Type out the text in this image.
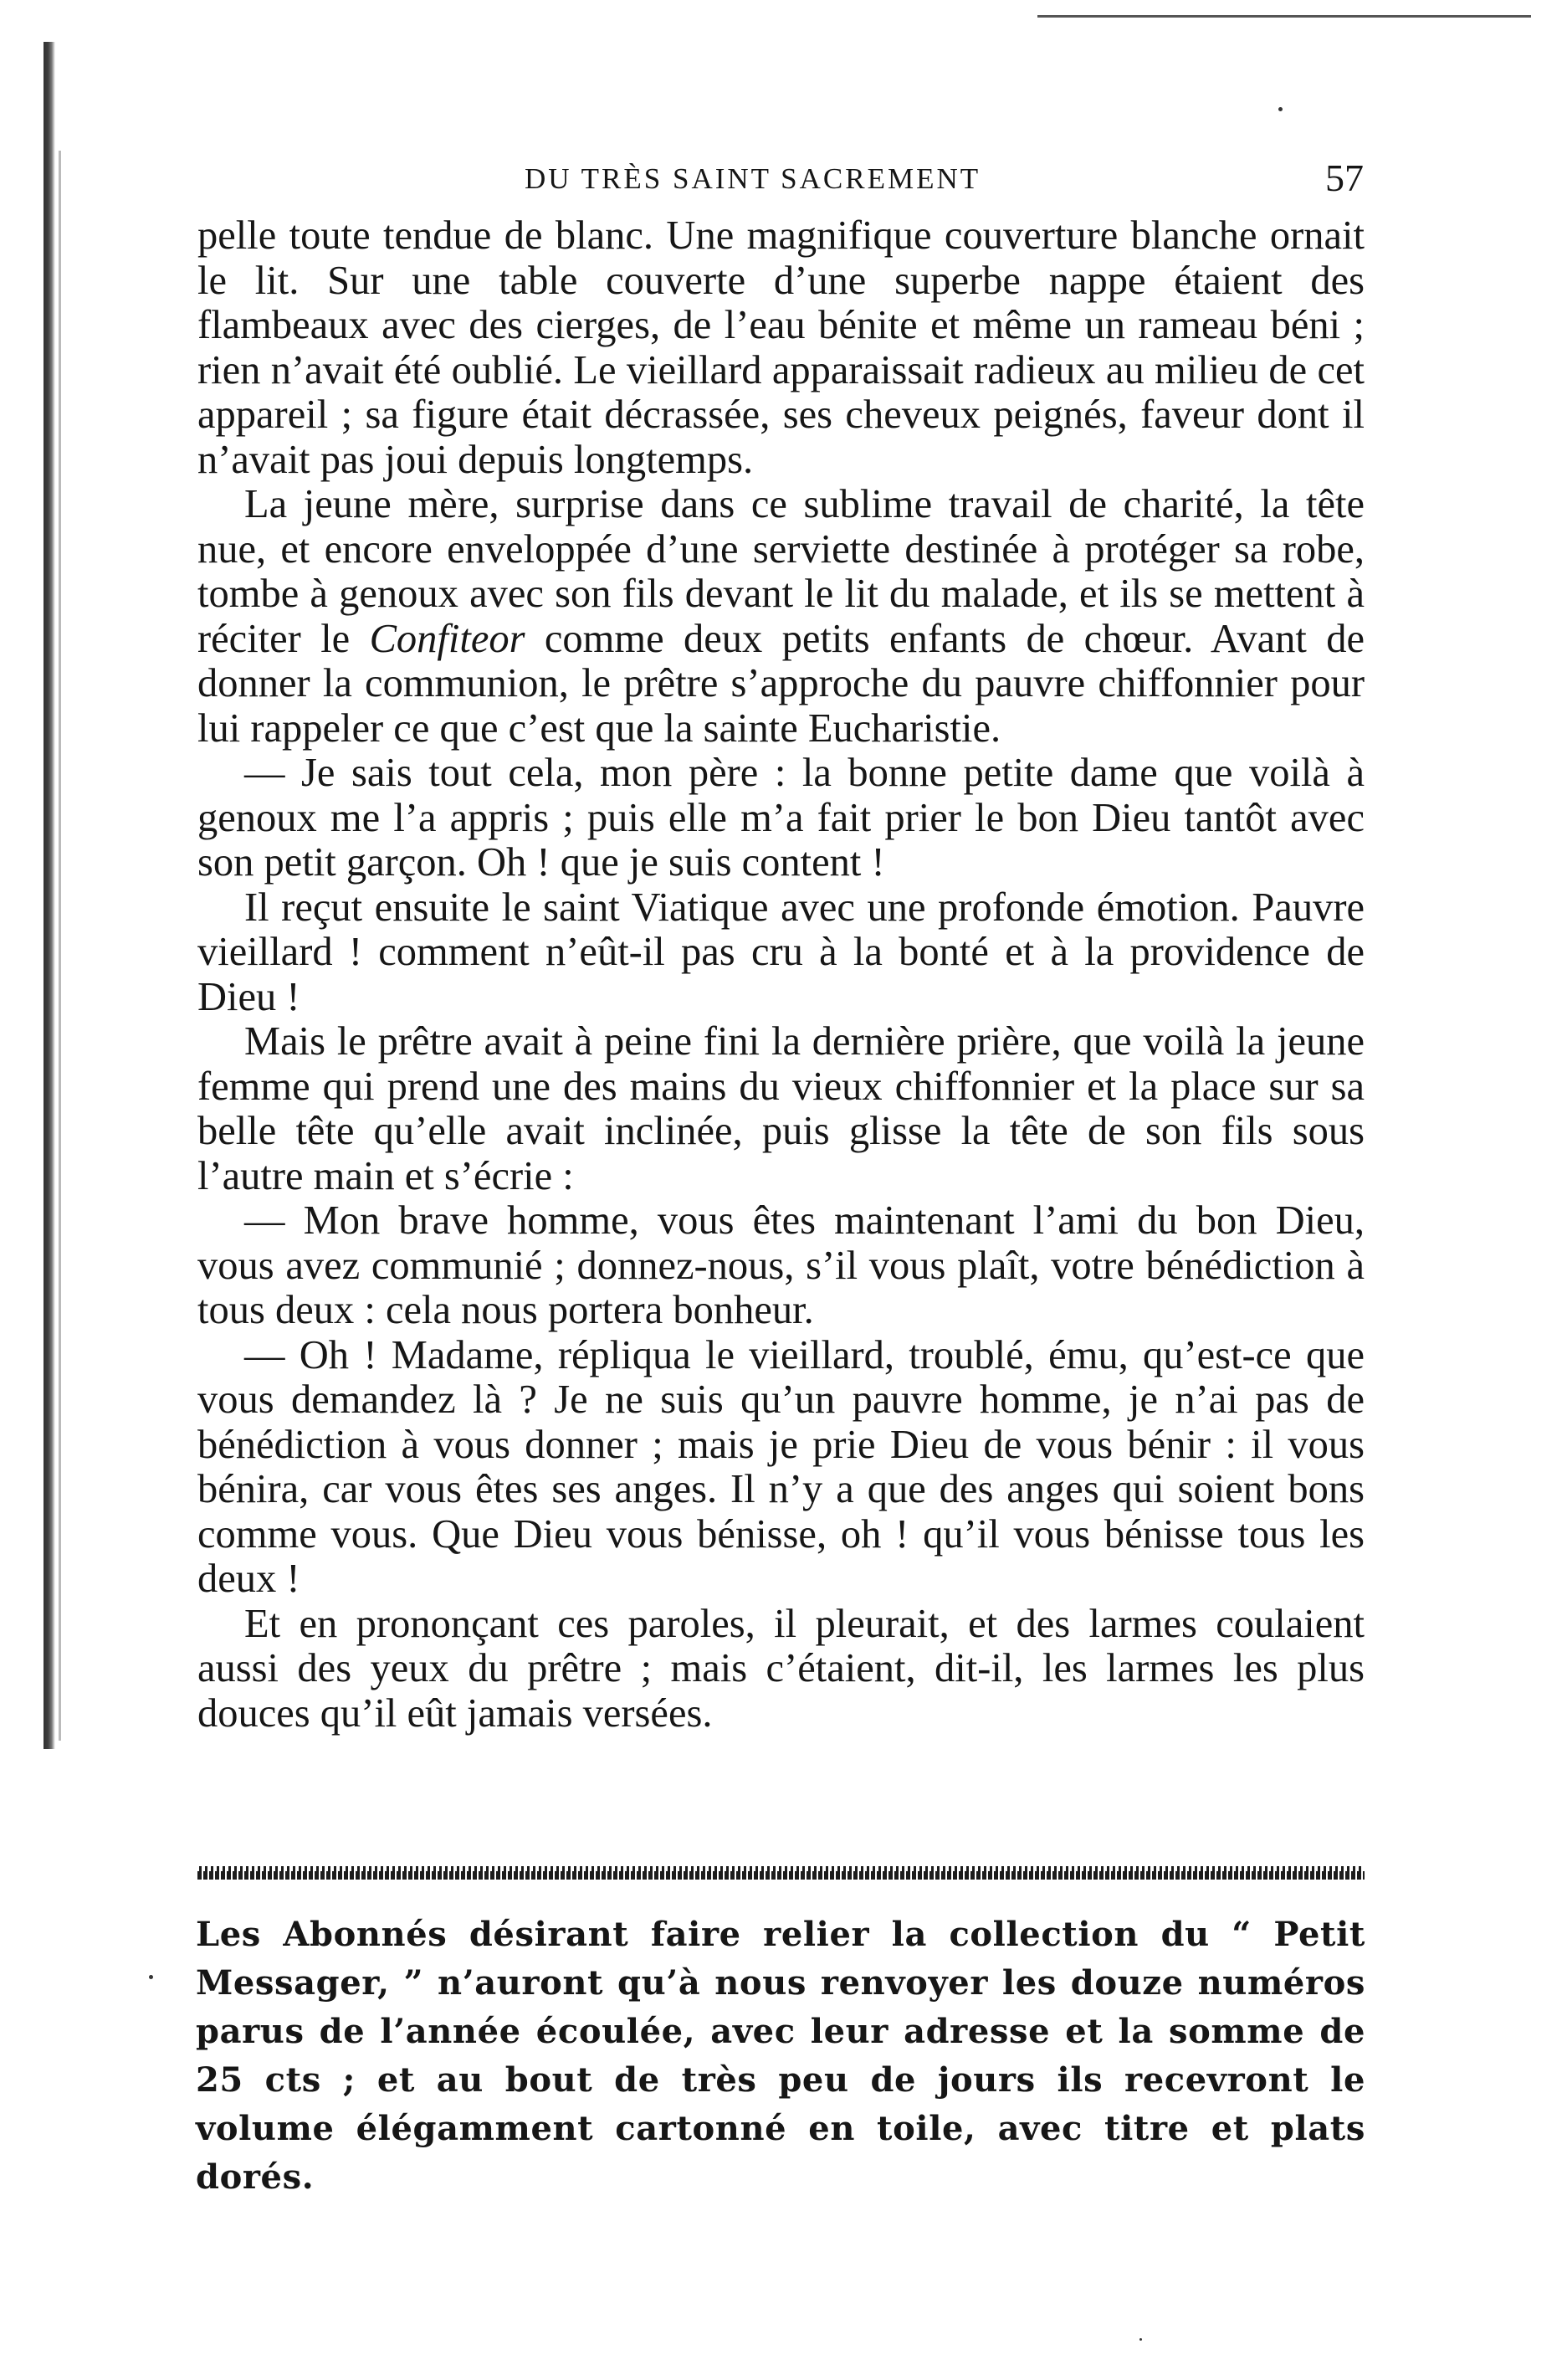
DU TRÈS SAINT SACREMENT	57

pelle toute tendue de blanc. Une magnifique couverture blanche ornait le lit. Sur une table couverte d’une superbe nappe étaient des flambeaux avec des cierges, de l’eau bénite et même un rameau béni ; rien n’avait été oublié. Le vieillard apparaissait radieux au milieu de cet appareil ; sa figure était décrassée, ses cheveux peignés, faveur dont il n’avait pas joui depuis longtemps.

La jeune mère, surprise dans ce sublime travail de charité, la tête nue, et encore enveloppée d’une serviette destinée à protéger sa robe, tombe à genoux avec son fils devant le lit du malade, et ils se mettent à réciter le Confiteor comme deux petits enfants de chœur. Avant de donner la communion, le prêtre s’approche du pauvre chiffonnier pour lui rappeler ce que c’est que la sainte Eucharistie.

— Je sais tout cela, mon père : la bonne petite dame que voilà à genoux me l’a appris ; puis elle m’a fait prier le bon Dieu tantôt avec son petit garçon. Oh ! que je suis content !

Il reçut ensuite le saint Viatique avec une profonde émotion. Pauvre vieillard ! comment n’eût-il pas cru à la bonté et à la providence de Dieu !

Mais le prêtre avait à peine fini la dernière prière, que voilà la jeune femme qui prend une des mains du vieux chiffonnier et la place sur sa belle tête qu’elle avait inclinée, puis glisse la tête de son fils sous l’autre main et s’écrie :

— Mon brave homme, vous êtes maintenant l’ami du bon Dieu, vous avez communié ; donnez-nous, s’il vous plaît, votre bénédiction à tous deux : cela nous portera bonheur.

— Oh ! Madame, répliqua le vieillard, troublé, ému, qu’est-ce que vous demandez là ? Je ne suis qu’un pauvre homme, je n’ai pas de bénédiction à vous donner ; mais je prie Dieu de vous bénir : il vous bénira, car vous êtes ses anges. Il n’y a que des anges qui soient bons comme vous. Que Dieu vous bénisse, oh ! qu’il vous bénisse tous les deux !

Et en prononçant ces paroles, il pleurait, et des larmes coulaient aussi des yeux du prêtre ; mais c’étaient, dit-il, les larmes les plus douces qu’il eût jamais versées.

Les Abonnés désirant faire relier la collection du “ Petit Messager, ” n’auront qu’à nous renvoyer les douze numéros parus de l’année écoulée, avec leur adresse et la somme de 25 cts ; et au bout de très peu de jours ils recevront le volume élégamment cartonné en toile, avec titre et plats dorés.
